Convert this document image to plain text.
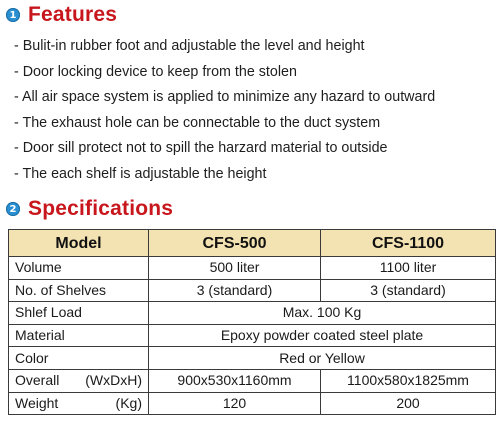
1 Features
- Bulit-in rubber foot and adjustable the level and height
- Door locking device to keep from the stolen
- All air space system is applied to minimize any hazard to outward
- The exhaust hole can be connectable to the duct system
- Door sill protect not to spill the harzard material to outside
- The each shelf is adjustable the height
2 Specifications
Model	CFS-500	CFS-1100
Volume	500 liter	1100 liter
No. of Shelves	3 (standard)	3 (standard)
Shlef Load	Max. 100 Kg	
Material	Epoxy powder coated steel plate	
Color	Red or Yellow	

Overall (WxDxH)	900x530x1160mm	1100x580x1825mm

Weight (Kg)	120	200
